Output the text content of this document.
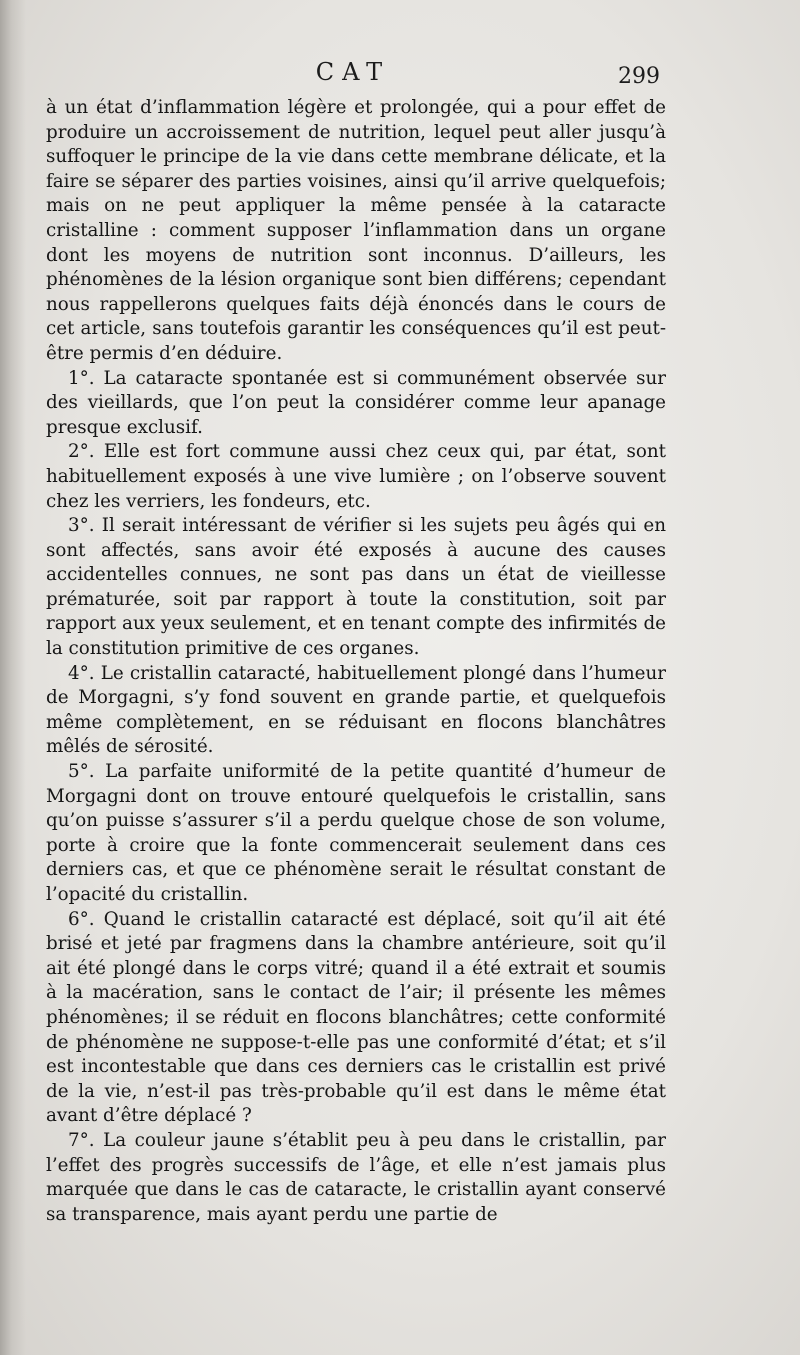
CAT	299

à un état d’inflammation légère et prolongée, qui a pour effet de produire un accroissement de nutrition, lequel peut aller jusqu’à suffoquer le principe de la vie dans cette membrane délicate, et la faire se séparer des parties voisines, ainsi qu’il arrive quelquefois; mais on ne peut appliquer la même pensée à la cataracte cristalline : comment supposer l’inflammation dans un organe dont les moyens de nutrition sont inconnus. D’ailleurs, les phénomènes de la lésion organique sont bien différens; cependant nous rappellerons quelques faits déjà énoncés dans le cours de cet article, sans toutefois garantir les conséquences qu’il est peut-être permis d’en déduire.

1°. La cataracte spontanée est si communément observée sur des vieillards, que l’on peut la considérer comme leur apanage presque exclusif.

2°. Elle est fort commune aussi chez ceux qui, par état, sont habituellement exposés à une vive lumière ; on l’observe souvent chez les verriers, les fondeurs, etc.

3°. Il serait intéressant de vérifier si les sujets peu âgés qui en sont affectés, sans avoir été exposés à aucune des causes accidentelles connues, ne sont pas dans un état de vieillesse prématurée, soit par rapport à toute la constitution, soit par rapport aux yeux seulement, et en tenant compte des infirmités de la constitution primitive de ces organes.

4°. Le cristallin cataracté, habituellement plongé dans l’humeur de Morgagni, s’y fond souvent en grande partie, et quelquefois même complètement, en se réduisant en flocons blanchâtres mêlés de sérosité.

5°. La parfaite uniformité de la petite quantité d’humeur de Morgagni dont on trouve entouré quelquefois le cristallin, sans qu’on puisse s’assurer s’il a perdu quelque chose de son volume, porte à croire que la fonte commencerait seulement dans ces derniers cas, et que ce phénomène serait le résultat constant de l’opacité du cristallin.

6°. Quand le cristallin cataracté est déplacé, soit qu’il ait été brisé et jeté par fragmens dans la chambre antérieure, soit qu’il ait été plongé dans le corps vitré; quand il a été extrait et soumis à la macération, sans le contact de l’air; il présente les mêmes phénomènes; il se réduit en flocons blanchâtres; cette conformité de phénomène ne suppose-t-elle pas une conformité d’état; et s’il est incontestable que dans ces derniers cas le cristallin est privé de la vie, n’est-il pas très-probable qu’il est dans le même état avant d’être déplacé ?

7°. La couleur jaune s’établit peu à peu dans le cristallin, par l’effet des progrès successifs de l’âge, et elle n’est jamais plus marquée que dans le cas de cataracte, le cristallin ayant conservé sa transparence, mais ayant perdu une partie de
